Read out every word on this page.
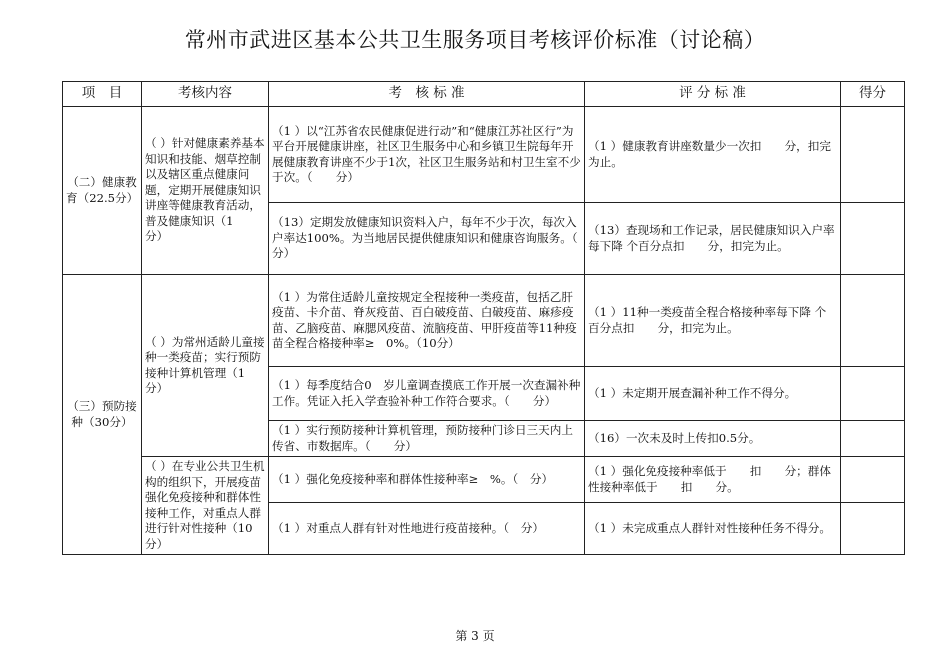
常州市武进区基本公共卫生服务项目考核评价标准（讨论稿）
项　目	考核内容	考　核 标 准	评 分 标 准	得分
（二）健康教育（22.5分）	（ ）针对健康素养基本知识和技能、烟草控制以及辖区重点健康问题，定期开展健康知识讲座等健康教育活动，普及健康知识（1　　分）	（1 ）以“江苏省农民健康促进行动”和“健康江苏社区行”为平台开展健康讲座，社区卫生服务中心和乡镇卫生院每年开展健康教育讲座不少于1次，社区卫生服务站和村卫生室不少于次。（　　分）	（1 ）健康教育讲座数量少一次扣　　分，扣完为止。	
		（13）定期发放健康知识资料入户，每年不少于次，每次入户率达100%。为当地居民提供健康知识和健康咨询服务。（　分）	（13）查现场和工作记录，居民健康知识入户率每下降 个百分点扣　　分，扣完为止。	
（三）预防接种（30分）	（ ）为常州适龄儿童接种一类疫苗；实行预防接种计算机管理（1 分）	（1 ）为常住适龄儿童按规定全程接种一类疫苗，包括乙肝疫苗、卡介苗、脊灰疫苗、百白破疫苗、白破疫苗、麻疹疫苗、乙脑疫苗、麻腮风疫苗、流脑疫苗、甲肝疫苗等11种疫苗全程合格接种率≥　0%。（10分）	（1 ）11种一类疫苗全程合格接种率每下降 个百分点扣　　分，扣完为止。	
		（1 ）每季度结合0　岁儿童调查摸底工作开展一次查漏补种工作。凭证入托入学查验补种工作符合要求。（　　分）	（1 ）未定期开展查漏补种工作不得分。	
		（1 ）实行预防接种计算机管理，预防接种门诊日三天内上传省、市数据库。（　　分）	（16）一次未及时上传扣0.5分。	
	（ ）在专业公共卫生机构的组织下，开展疫苗强化免疫接种和群体性接种工作，对重点人群进行针对性接种（10分）	（1 ）强化免疫接种率和群体性接种率≥　%。（　分）	（1 ）强化免疫接种率低于　　扣　　分；群体性接种率低于　　扣　　分。	
		（1 ）对重点人群有针对性地进行疫苗接种。（　分）	（1 ）未完成重点人群针对性接种任务不得分。	
第 3 页
